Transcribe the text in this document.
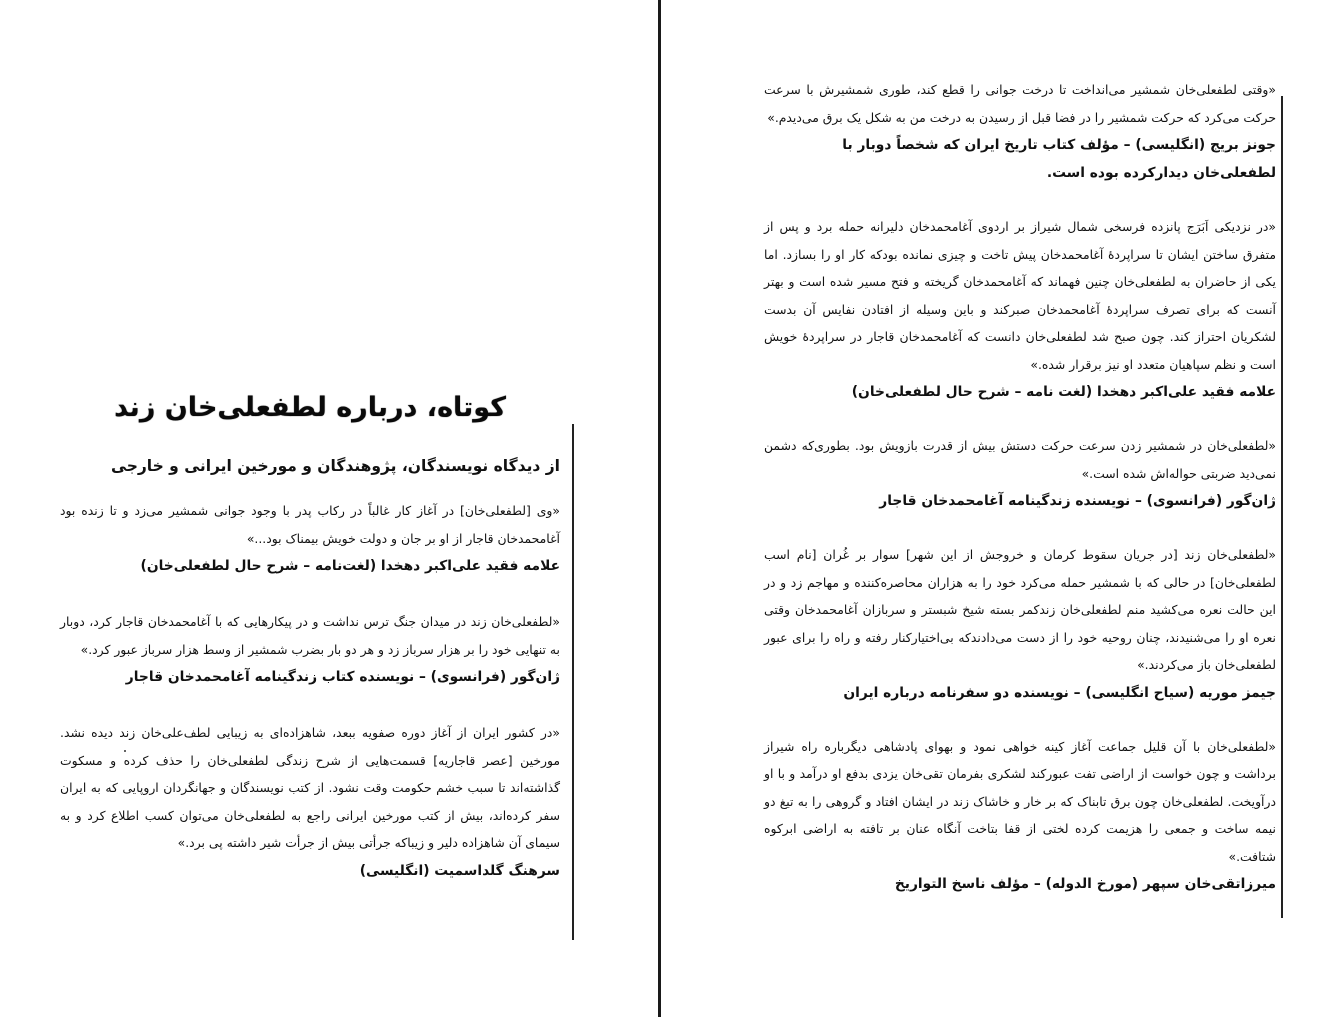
کوتاه، درباره لطفعلی‌خان زند
از دیدگاه نویسندگان، پژوهندگان و مورخین ایرانی و خارجی

«وی [لطفعلی‌خان] در آغاز کار غالباً در رکاب پدر با وجود جوانی شمشیر می‌زد و تا زنده بود آغامحمدخان قاجار از او بر جان و دولت خویش بیمناک بود...»

علامه فقید علی‌اکبر دهخدا (لغت‌نامه – شرح حال لطفعلی‌خان)

«لطفعلی‌خان زند در میدان جنگ ترس نداشت و در پیکارهایی که با آغامحمدخان قاجار کرد، دوبار به تنهایی خود را بر هزار سرباز زد و هر دو بار بضرب شمشیر از وسط هزار سرباز عبور کرد.»

ژان‌گور (فرانسوی) – نویسنده کتاب زندگینامه آغامحمدخان قاجار

«در کشور ایران از آغاز دوره صفویه ببعد، شاهزاده‌ای به زیبایی لطف‌علی‌خان زند دیده نشد. مورخین [عصر قاجاریه] قسمت‌هایی از شرح زندگی لطفعلی‌خان را حذف کرده و مسکوت گذاشته‌اند تا سبب خشم حکومت وقت نشود. از کتب نویسندگان و جهانگردان اروپایی که به ایران سفر کرده‌اند، بیش از کتب مورخین ایرانی راجع به لطفعلی‌خان می‌توان کسب اطلاع کرد و به سیمای آن شاهزاده دلیر و زیباکه جرأتی بیش از جرأت شیر داشته پی برد.»

سرهنگ گلداسمیت (انگلیسی)

«وقتی لطفعلی‌خان شمشیر می‌انداخت تا درخت جوانی را قطع کند، طوری شمشیرش با سرعت حرکت می‌کرد که حرکت شمشیر را در فضا قبل از رسیدن به درخت من به شکل یک برق می‌دیدم.»

جونز بریج (انگلیسی) – مؤلف کتاب تاریخ ایران که شخصاً دوبار با لطفعلی‌خان دیدارکرده بوده است.

«در نزدیکی اَبَرَج پانزده فرسخی شمال شیراز بر اردوی آغامحمدخان دلیرانه حمله برد و پس از متفرق ساختن ایشان تا سراپردهٔ آغامحمدخان پیش تاخت و چیزی نمانده بودکه کار او را بسازد. اما یکی از حاضران به لطفعلی‌خان چنین فهماند که آغامحمدخان گریخته و فتح مسیر شده است و بهتر آنست که برای تصرف سراپردهٔ آغامحمدخان صبرکند و باین وسیله از افتادن نفایس آن بدست لشکریان احتراز کند. چون صبح شد لطفعلی‌خان دانست که آغامحمدخان قاجار در سراپردهٔ خویش است و نظم سپاهیان متعدد او نیز برقرار شده.»

علامه فقید علی‌اکبر دهخدا (لغت نامه – شرح حال لطفعلی‌خان)

«لطفعلی‌خان در شمشیر زدن سرعت حرکت دستش بیش از قدرت بازویش بود. بطوری‌که دشمن نمی‌دید ضربتی حواله‌اش شده است.»

ژان‌گور (فرانسوی) – نویسنده زندگینامه آغامحمدخان قاجار

«لطفعلی‌خان زند [در جریان سقوط کرمان و خروجش از این شهر] سوار بر غُران [نام اسب لطفعلی‌خان] در حالی که با شمشیر حمله می‌کرد خود را به هزاران محاصره‌کننده و مهاجم زد و در این حالت نعره می‌کشید منم لطفعلی‌خان زندکمر بسته شیخ شبستر و سربازان آغامحمدخان وقتی نعره او را می‌شنیدند، چنان روحیه خود را از دست می‌دادندکه بی‌اختیارکنار رفته و راه را برای عبور لطفعلی‌خان باز می‌کردند.»

جیمز موریه (سیاح انگلیسی) – نویسنده دو سفرنامه درباره ایران

«لطفعلی‌خان با آن قلیل جماعت آغاز کینه خواهی نمود و بهوای پادشاهی دیگرباره راه شیراز برداشت و چون خواست از اراضی تفت عبورکند لشکری بفرمان تقی‌خان یزدی بدفع او درآمد و با او درآویخت. لطفعلی‌خان چون برق تابناک که بر خار و خاشاک زند در ایشان افتاد و گروهی را به تیغ دو نیمه ساخت و جمعی را هزیمت کرده لختی از قفا بتاخت آنگاه عنان بر تافته به اراضی ابرکوه شتافت.»

میرزاتقی‌خان سپهر (مورخ الدوله) – مؤلف ناسخ التواریخ
